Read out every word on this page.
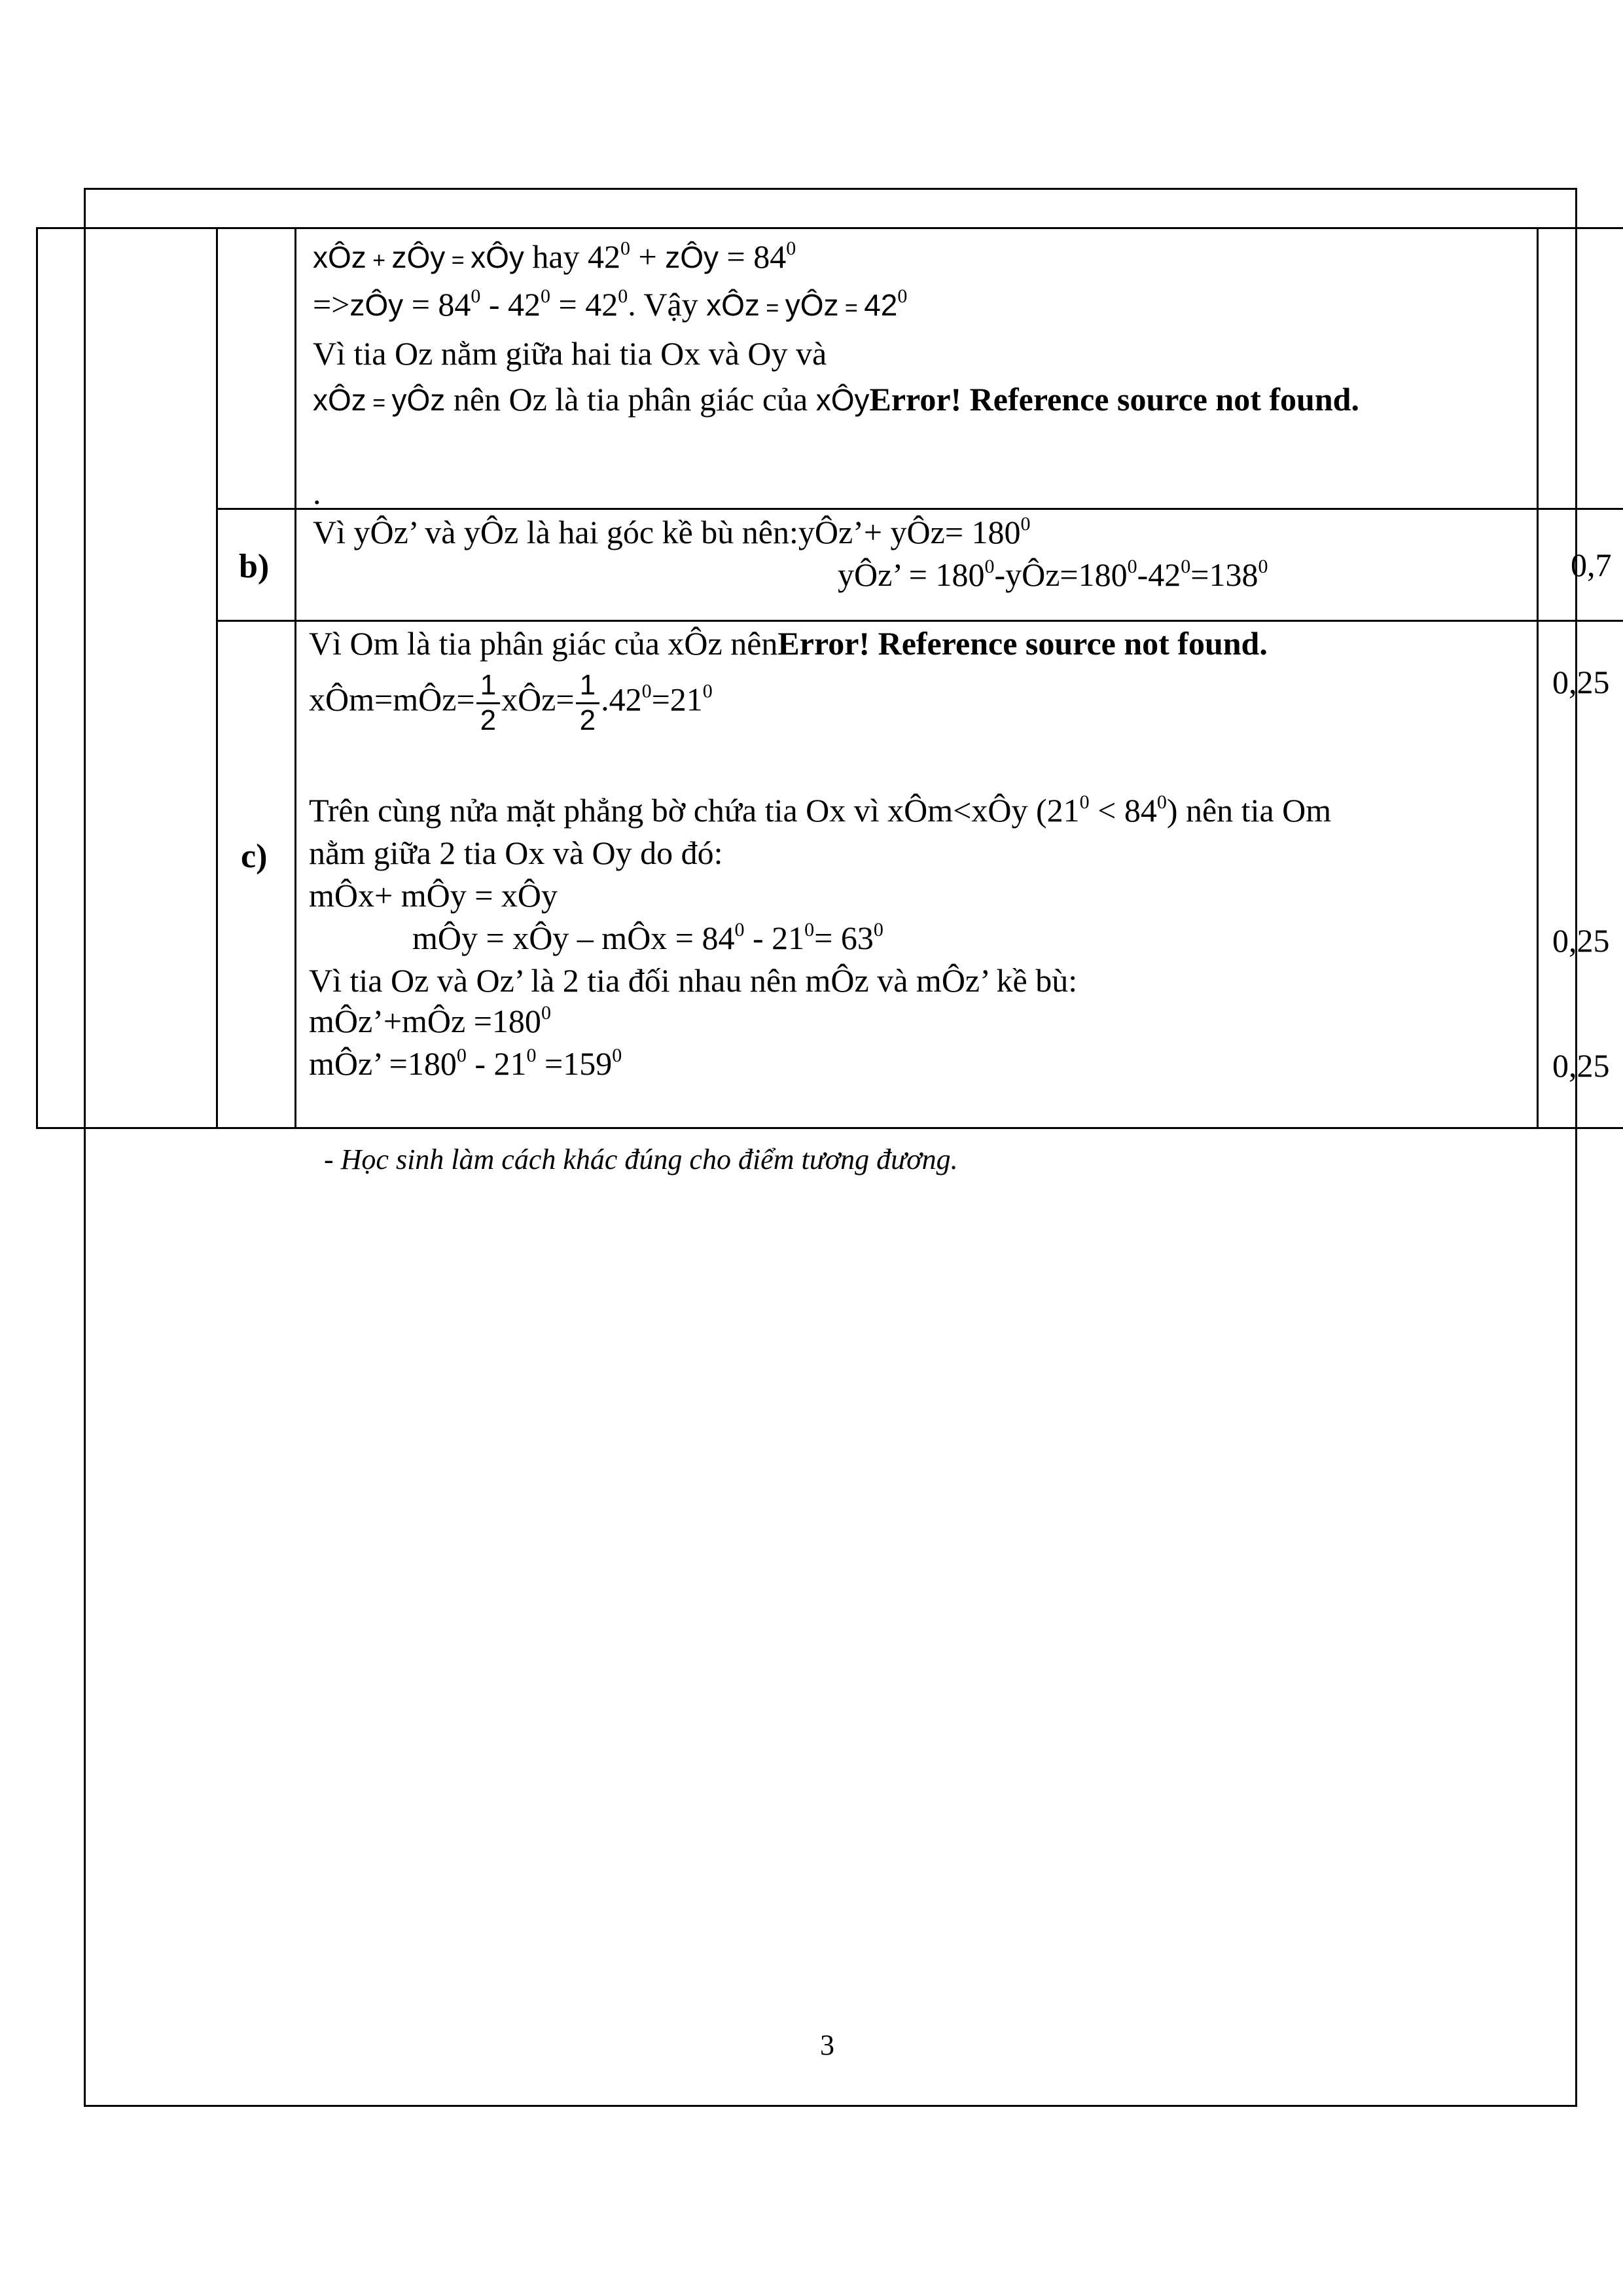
xÔz + zÔy = xÔy hay $42^0$ + zÔy = $84^0$
=>zÔy = $84^0 - 42^0 = 42^0$. Vậy xÔz = yÔz = $42^0$
Vì tia Oz nằm giữa hai tia Ox và Oy và
xÔz = yÔz nên Oz là tia phân giác của xÔyError! Reference source not found.
.
b)
Vì yÔz’ và yÔz là hai góc kề bù nên:yÔz’+ yÔz= $180^0$
yÔz’ = $180^0-yÔz=180^0-42^0=138^0$	0,7
c)
Vì Om là tia phân giác của xÔz nênError! Reference source not found.
xÔm=mÔz= $\frac{1}{2}$ xÔz= $\frac{1}{2} .42^0=21^0$
Trên cùng nửa mặt phẳng bờ chứa tia Ox vì xÔm<xÔy $(21^0 < 84^0)$ nên tia Om
nằm giữa 2 tia Ox và Oy do đó:
mÔx+ mÔy = xÔy
mÔy = xÔy – mÔx = $84^0 - 21^0= 63^0$
Vì tia Oz và Oz’ là 2 tia đối nhau nên mÔz và mÔz’ kề bù:
mÔz’+mÔz $=180^0$
mÔz’ $=180^0 - 21^0 =159^0$
0,25
0,25
0,25
- Học sinh làm cách khác đúng cho điểm tương đương.
3
